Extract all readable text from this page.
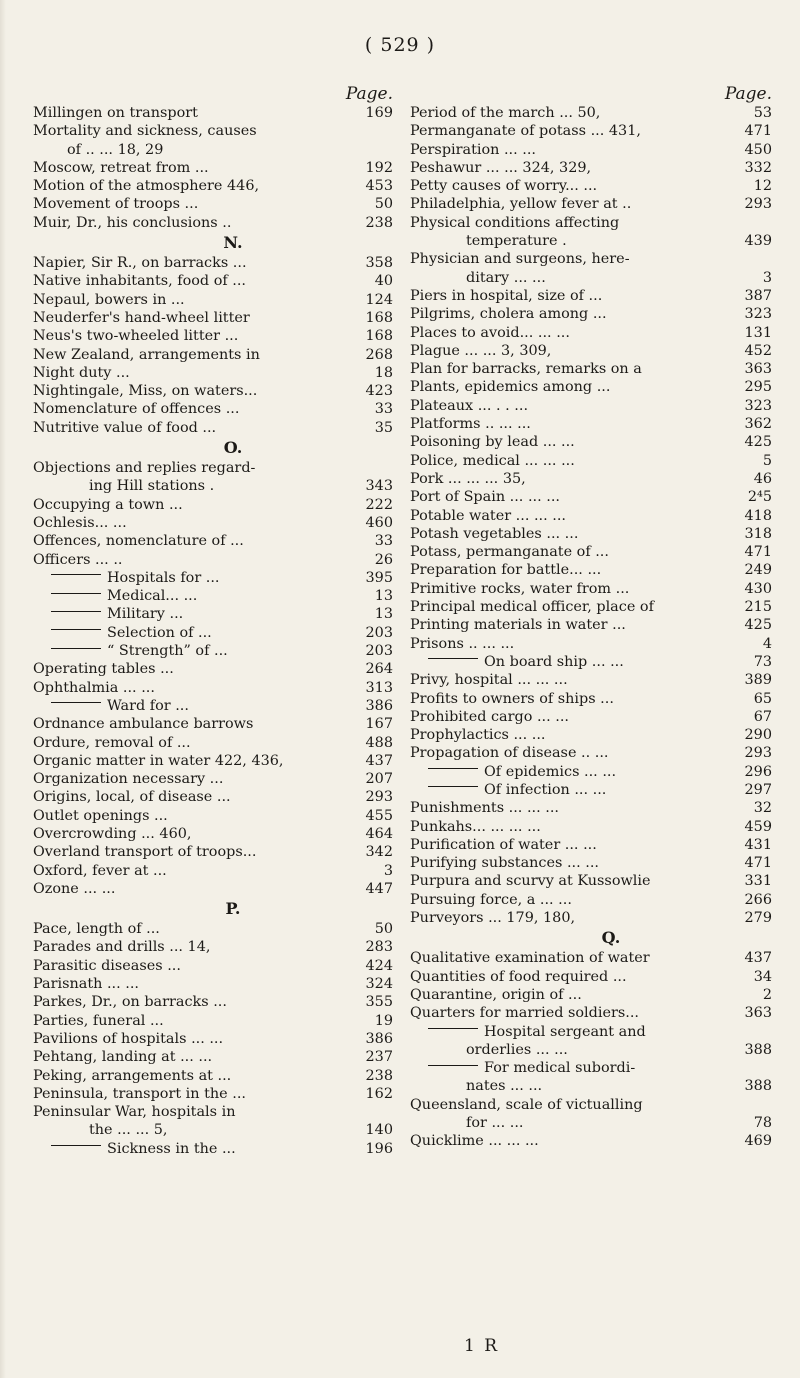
( 529 )
Page.
Millingen on transport	169
Mortality and sickness, causes
of .. ... 18, 29
Moscow, retreat from ...	192
Motion of the atmosphere 446,	453
Movement of troops ...	50
Muir, Dr., his conclusions ..	238
N.
Napier, Sir R., on barracks ...	358
Native inhabitants, food of ...	40
Nepaul, bowers in ...	124
Neuderfer's hand-wheel litter	168
Neus's two-wheeled litter ...	168
New Zealand, arrangements in	268
Night duty ...	18
Nightingale, Miss, on waters...	423
Nomenclature of offences ...	33
Nutritive value of food ...	35
O.
Objections and replies regard-
ing Hill stations .	343
Occupying a town ...	222
Ochlesis... ...	460
Offences, nomenclature of ...	33
Officers ... ..	26
Hospitals for ...	395
Medical... ...	13
Military ...	13
Selection of ...	203
“ Strength” of ...	203
Operating tables ...	264
Ophthalmia ... ...	313
Ward for ...	386
Ordnance ambulance barrows	167
Ordure, removal of ...	488
Organic matter in water 422, 436,	437
Organization necessary ...	207
Origins, local, of disease ...	293
Outlet openings ...	455
Overcrowding ... 460,	464
Overland transport of troops...	342
Oxford, fever at ...	3
Ozone ... ...	447
P.
Pace, length of ...	50
Parades and drills ... 14,	283
Parasitic diseases ...	424
Parisnath ... ...	324
Parkes, Dr., on barracks ...	355
Parties, funeral ...	19
Pavilions of hospitals ... ...	386
Pehtang, landing at ... ...	237
Peking, arrangements at ...	238
Peninsula, transport in the ...	162
Peninsular War, hospitals in
the ... ... 5,	140
Sickness in the ...	196
Page.
Period of the march ... 50,	53
Permanganate of potass ... 431,	471
Perspiration ... ...	450
Peshawur ... ... 324, 329,	332
Petty causes of worry... ...	12
Philadelphia, yellow fever at ..	293
Physical conditions affecting
temperature .	439
Physician and surgeons, here-
ditary ... ...	3
Piers in hospital, size of ...	387
Pilgrims, cholera among ...	323
Places to avoid... ... ...	131
Plague ... ... 3, 309,	452
Plan for barracks, remarks on a	363
Plants, epidemics among ...	295
Plateaux ... . . ...	323
Platforms .. ... ...	362
Poisoning by lead ... ...	425
Police, medical ... ... ...	5
Pork ... ... ... 35,	46
Port of Spain ... ... ...	2⁴5
Potable water ... ... ...	418
Potash vegetables ... ...	318
Potass, permanganate of ...	471
Preparation for battle... ...	249
Primitive rocks, water from ...	430
Principal medical officer, place of	215
Printing materials in water ...	425
Prisons .. ... ...	4
On board ship ... ...	73
Privy, hospital ... ... ...	389
Profits to owners of ships ...	65
Prohibited cargo ... ...	67
Prophylactics ... ...	290
Propagation of disease .. ...	293
Of epidemics ... ...	296
Of infection ... ...	297
Punishments ... ... ...	32
Punkahs... ... ... ...	459
Purification of water ... ...	431
Purifying substances ... ...	471
Purpura and scurvy at Kussowlie	331
Pursuing force, a ... ...	266
Purveyors ... 179, 180,	279
Q.
Qualitative examination of water	437
Quantities of food required ...	34
Quarantine, origin of ...	2
Quarters for married soldiers...	363
Hospital sergeant and
orderlies ... ...	388
For medical subordi-
nates ... ...	388
Queensland, scale of victualling
for ... ...	78
Quicklime ... ... ...	469
1 R
